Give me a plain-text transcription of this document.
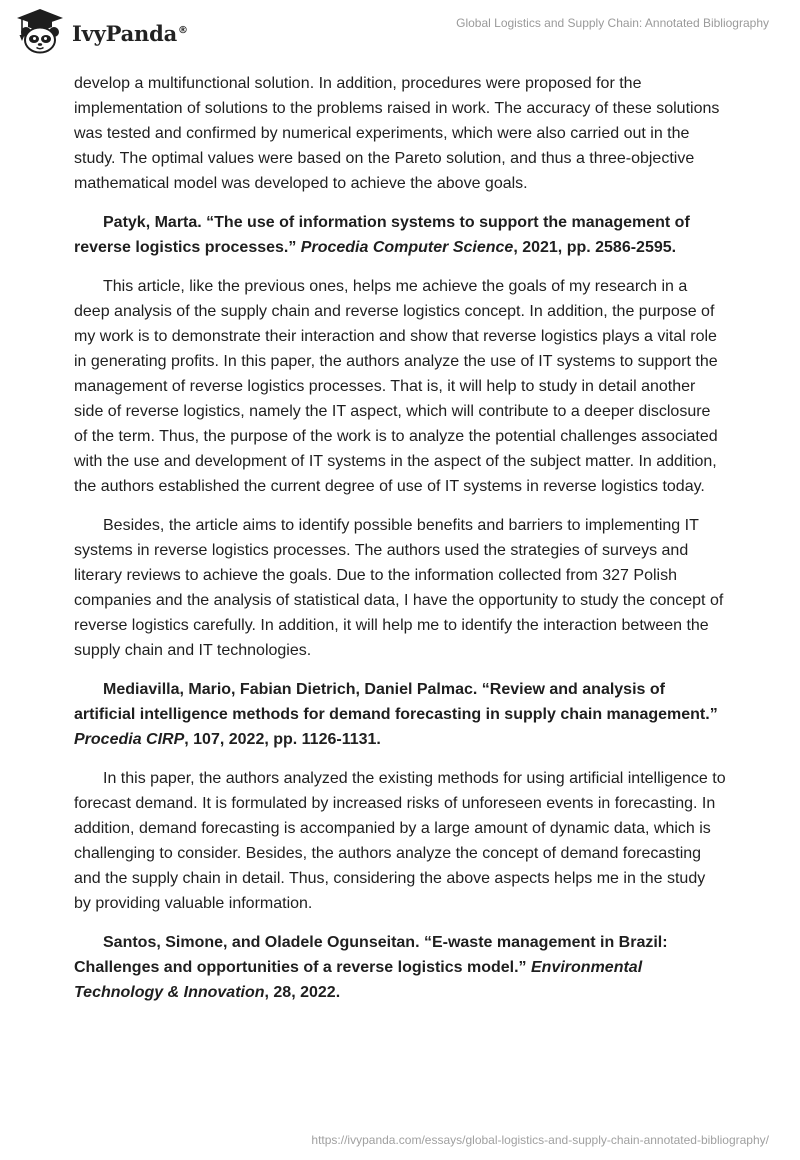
IvyPanda®	Global Logistics and Supply Chain: Annotated Bibliography

develop a multifunctional solution. In addition, procedures were proposed for the implementation of solutions to the problems raised in work. The accuracy of these solutions was tested and confirmed by numerical experiments, which were also carried out in the study. The optimal values were based on the Pareto solution, and thus a three-objective mathematical model was developed to achieve the above goals.

Patyk, Marta. “The use of information systems to support the management of reverse logistics processes.” Procedia Computer Science, 2021, pp. 2586-2595.

This article, like the previous ones, helps me achieve the goals of my research in a deep analysis of the supply chain and reverse logistics concept. In addition, the purpose of my work is to demonstrate their interaction and show that reverse logistics plays a vital role in generating profits. In this paper, the authors analyze the use of IT systems to support the management of reverse logistics processes. That is, it will help to study in detail another side of reverse logistics, namely the IT aspect, which will contribute to a deeper disclosure of the term. Thus, the purpose of the work is to analyze the potential challenges associated with the use and development of IT systems in the aspect of the subject matter. In addition, the authors established the current degree of use of IT systems in reverse logistics today.

Besides, the article aims to identify possible benefits and barriers to implementing IT systems in reverse logistics processes. The authors used the strategies of surveys and literary reviews to achieve the goals. Due to the information collected from 327 Polish companies and the analysis of statistical data, I have the opportunity to study the concept of reverse logistics carefully. In addition, it will help me to identify the interaction between the supply chain and IT technologies.

Mediavilla, Mario, Fabian Dietrich, Daniel Palmac. “Review and analysis of artificial intelligence methods for demand forecasting in supply chain management.” Procedia CIRP, 107, 2022, pp. 1126-1131.

In this paper, the authors analyzed the existing methods for using artificial intelligence to forecast demand. It is formulated by increased risks of unforeseen events in forecasting. In addition, demand forecasting is accompanied by a large amount of dynamic data, which is challenging to consider. Besides, the authors analyze the concept of demand forecasting and the supply chain in detail. Thus, considering the above aspects helps me in the study by providing valuable information.

Santos, Simone, and Oladele Ogunseitan. “E-waste management in Brazil: Challenges and opportunities of a reverse logistics model.” Environmental Technology & Innovation, 28, 2022.

https://ivypanda.com/essays/global-logistics-and-supply-chain-annotated-bibliography/
